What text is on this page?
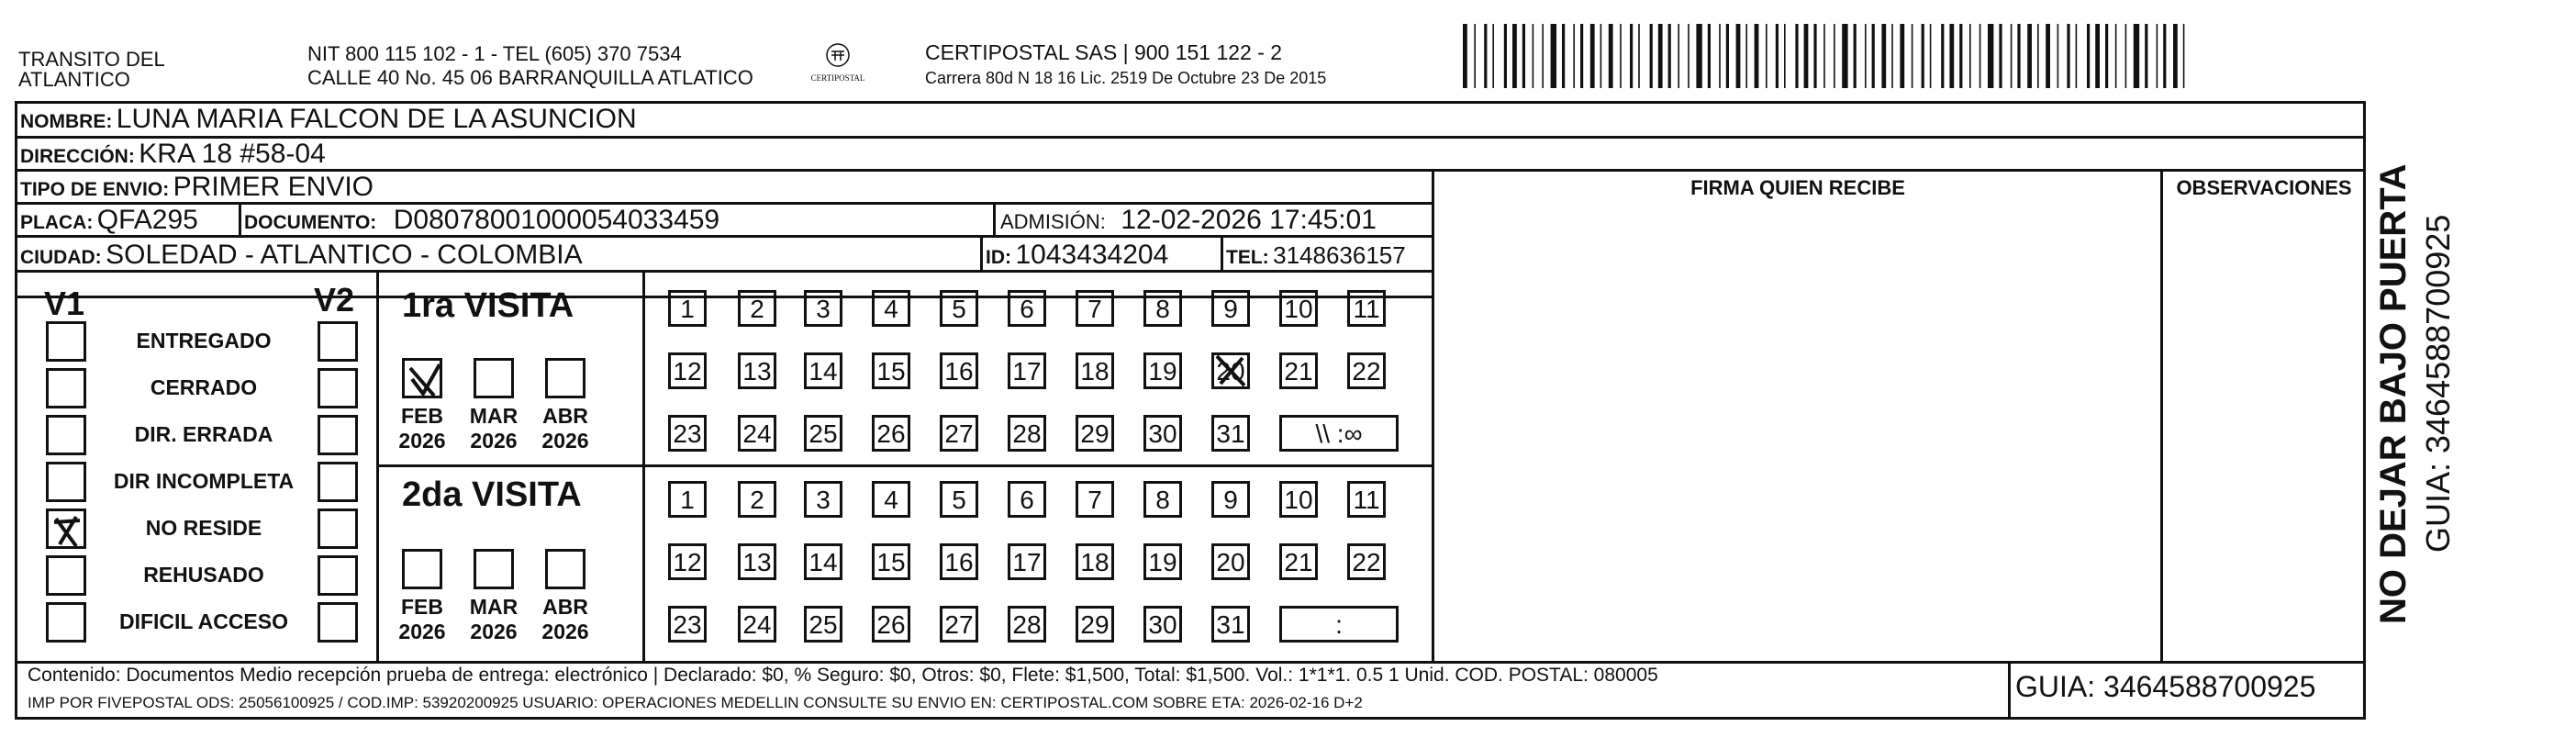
TRANSITO DEL
ATLANTICO
NIT 800 115 102 - 1 - TEL (605) 370 7534
CALLE 40 No. 45 06 BARRANQUILLA ATLATICO	CERTIPOSTAL
CERTIPOSTAL SAS | 900 151 122 - 2
Carrera 80d N 18 16 Lic. 2519 De Octubre 23 De 2015
NOMBRE: LUNA MARIA FALCON DE LA ASUNCION
DIRECCIÓN: KRA 18 #58-04
TIPO DE ENVIO: PRIMER ENVIO	FIRMA QUIEN RECIBE	OBSERVACIONES
PLACA: QFA295 DOCUMENTO: D08078001000054033459	ADMISIÓN: 12-02-2026 17:45:01
CIUDAD: SOLEDAD - ATLANTICO - COLOMBIA	ID: 1043434204	TEL: 3148636157
V1	V2
ENTREGADO
CERRADO
DIR. ERRADA
DIR INCOMPLETA
NO RESIDE
REHUSADO
DIFICIL ACCESO
1ra VISITA
2da VISITA
FEB
2026
MAR
2026
ABR
2026
1	2	3	4	5	6	7	8	9	10 11
12 13 14 15 16 17 18 19 20 21 22
23 24 25 26 27 28 29 30 31	\\ :∞
FEB
2026
MAR
2026
ABR
2026
1	2	3	4	5	6	7	8	9	10 11
12 13 14 15 16 17 18 19 20 21 22
23 24 25 26 27 28 29 30 31	:
Contenido: Documentos Medio recepción prueba de entrega: electrónico | Declarado: $0, % Seguro: $0, Otros: $0, Flete: $1,500, Total: $1,500. Vol.: 1*1*1. 0.5 1 Unid. COD. POSTAL: 080005
IMP POR FIVEPOSTAL ODS: 25056100925 / COD.IMP: 53920200925 USUARIO: OPERACIONES MEDELLIN CONSULTE SU ENVIO EN: CERTIPOSTAL.COM SOBRE ETA: 2026-02-16 D+2	GUIA: 3464588700925
NO DEJAR BAJO PUERTA GUIA: 3464588700925
